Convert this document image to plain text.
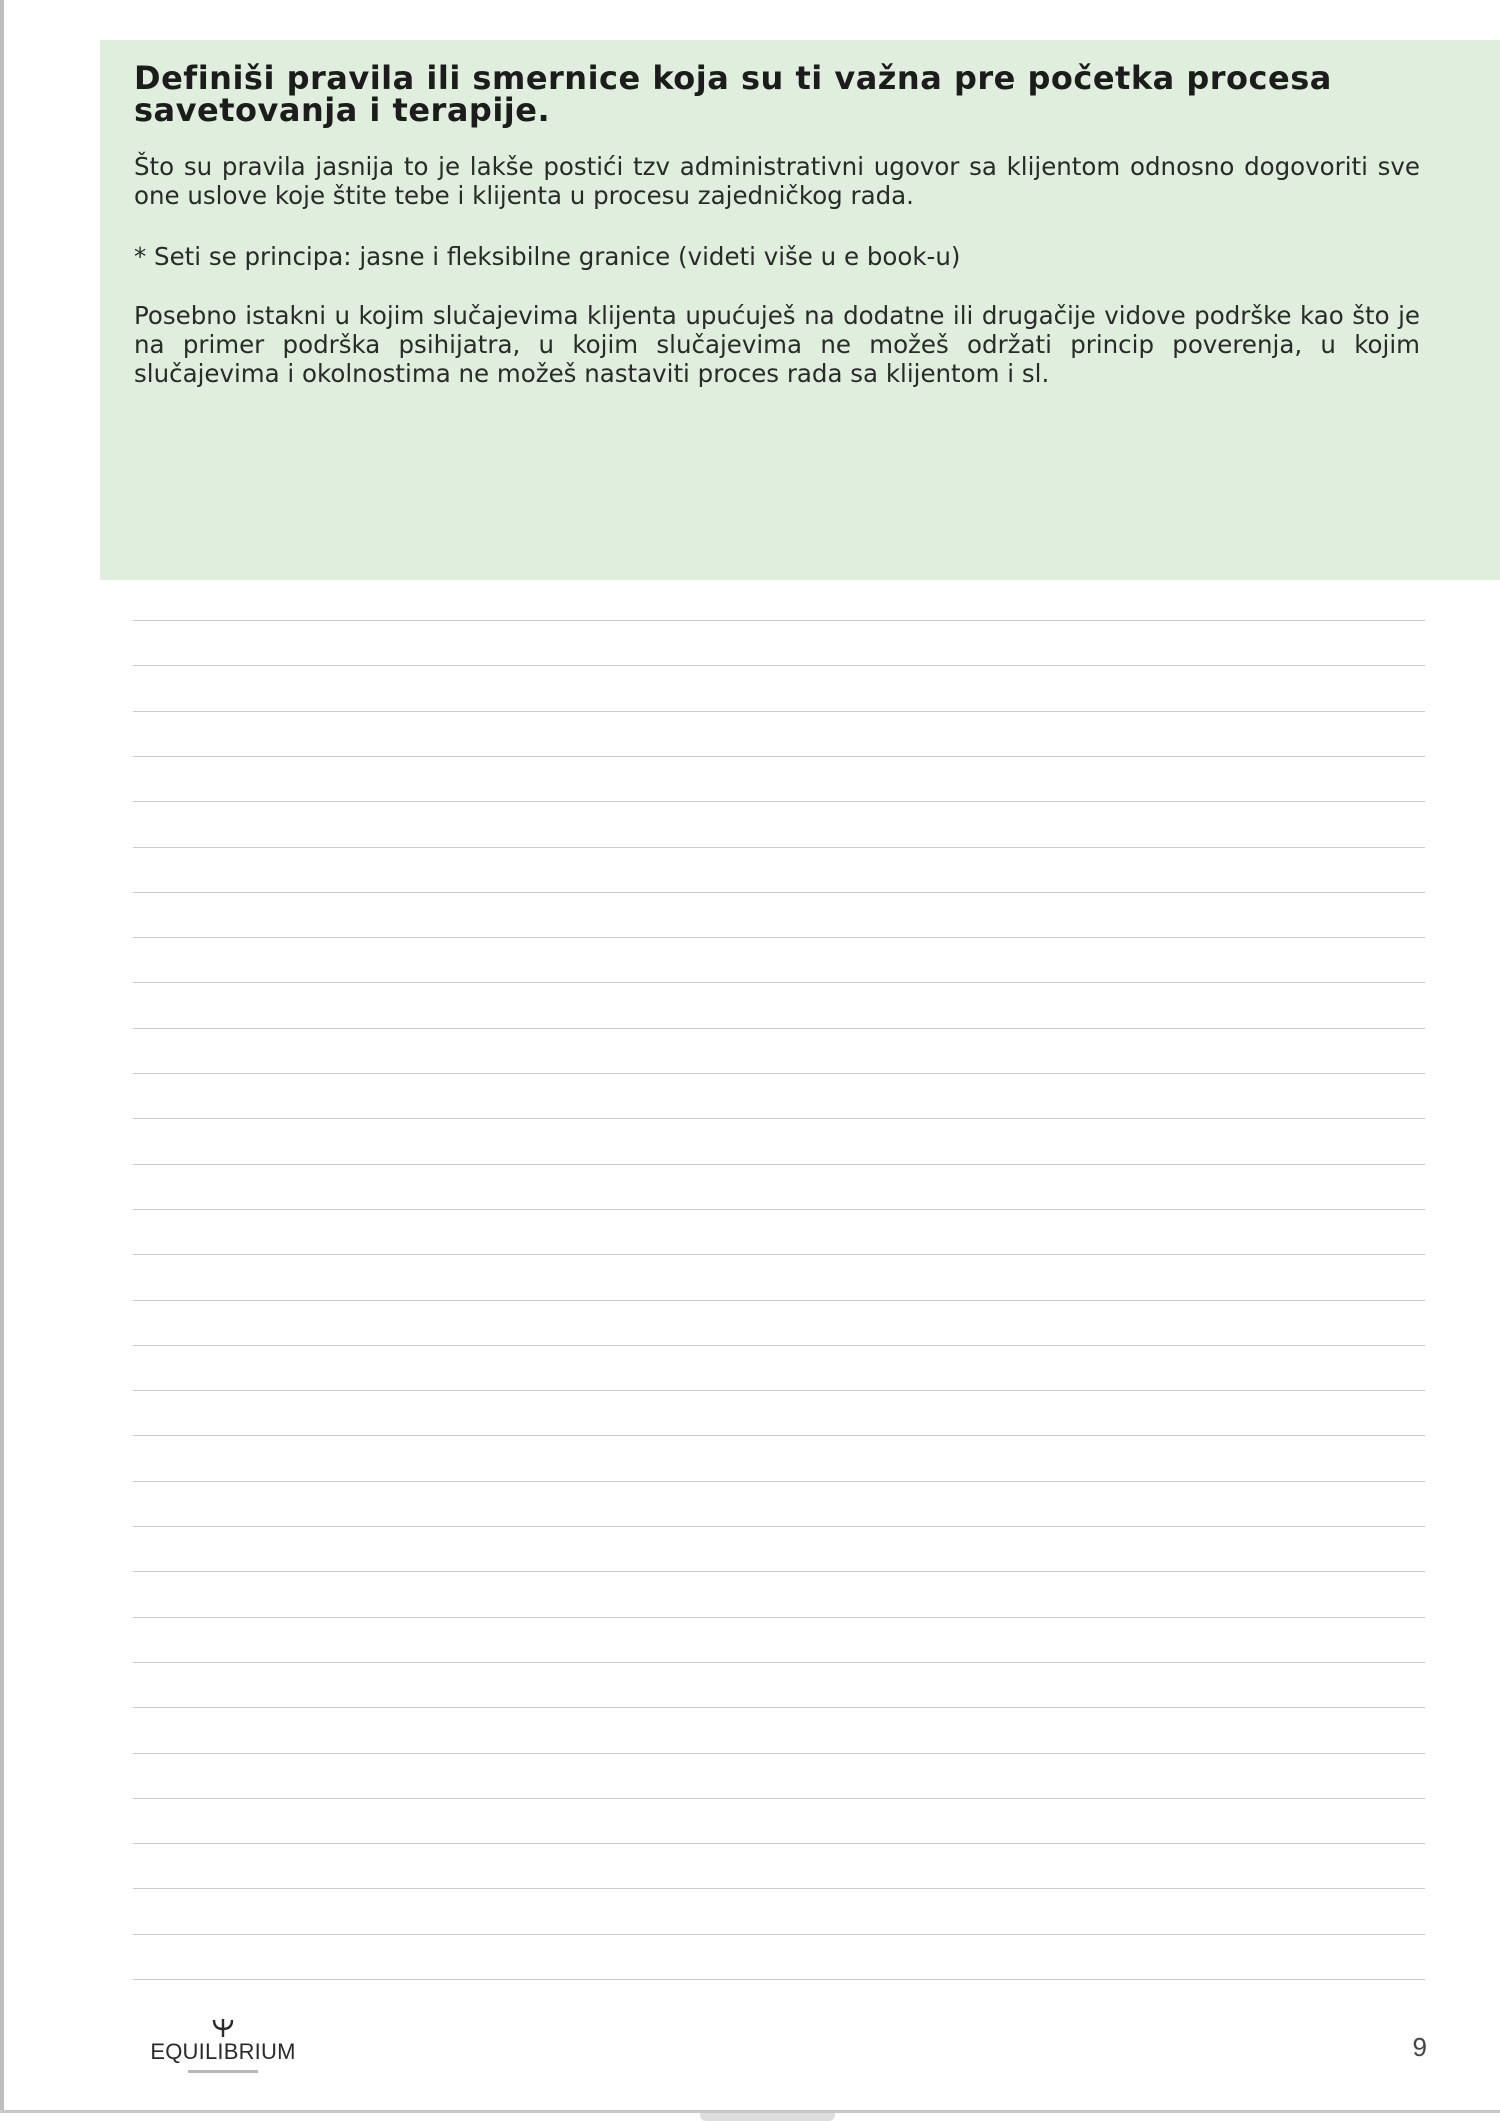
Definiši pravila ili smernice koja su ti važna pre početka procesa savetovanja i terapije.

Što su pravila jasnija to je lakše postići tzv administrativni ugovor sa klijentom odnosno dogovoriti sve one uslove koje štite tebe i klijenta u procesu zajedničkog rada.

* Seti se principa: jasne i fleksibilne granice (videti više u e book-u)

Posebno istakni u kojim slučajevima klijenta upućuješ na dodatne ili drugačije vidove podrške kao što je na primer podrška psihijatra, u kojim slučajevima ne možeš održati princip poverenja, u kojim slučajevima i okolnostima ne možeš nastaviti proces rada sa klijentom i sl.

EQUILIBRIUM	9
